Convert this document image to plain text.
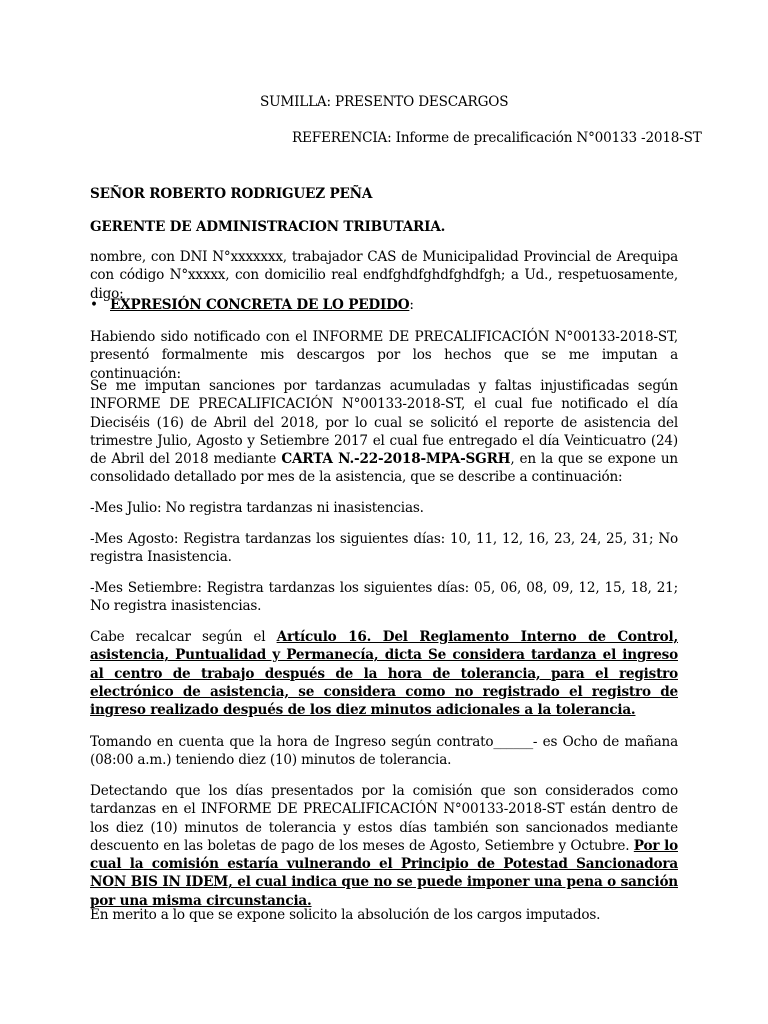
SUMILLA: PRESENTO DESCARGOS
REFERENCIA: Informe de precalificación N°00133 -2018-ST
SEÑOR ROBERTO RODRIGUEZ PEÑA
GERENTE DE ADMINISTRACION TRIBUTARIA.
nombre, con DNI N°xxxxxxx, trabajador CAS de Municipalidad Provincial de Arequipa con código N°xxxxx, con domicilio real endfghdfghdfghdfgh; a Ud., respetuosamente, digo:
• EXPRESIÓN CONCRETA DE LO PEDIDO:
Habiendo sido notificado con el INFORME DE PRECALIFICACIÓN N°00133-2018-ST, presentó formalmente mis descargos por los hechos que se me imputan a continuación:
Se me imputan sanciones por tardanzas acumuladas y faltas injustificadas según INFORME DE PRECALIFICACIÓN N°00133-2018-ST, el cual fue notificado el día Dieciséis (16) de Abril del 2018, por lo cual se solicitó el reporte de asistencia del trimestre Julio, Agosto y Setiembre 2017 el cual fue entregado el día Veinticuatro (24) de Abril del 2018 mediante CARTA N.-22-2018-MPA-SGRH, en la que se expone un consolidado detallado por mes de la asistencia, que se describe a continuación:
-Mes Julio: No registra tardanzas ni inasistencias.
-Mes Agosto: Registra tardanzas los siguientes días: 10, 11, 12, 16, 23, 24, 25, 31; No registra Inasistencia.
-Mes Setiembre: Registra tardanzas los siguientes días: 05, 06, 08, 09, 12, 15, 18, 21; No registra inasistencias.
Cabe recalcar según el Artículo 16. Del Reglamento Interno de Control, asistencia, Puntualidad y Permanecía, dicta Se considera tardanza el ingreso al centro de trabajo después de la hora de tolerancia, para el registro electrónico de asistencia, se considera como no registrado el registro de ingreso realizado después de los diez minutos adicionales a la tolerancia.
Tomando en cuenta que la hora de Ingreso según contrato______- es Ocho de mañana (08:00 a.m.) teniendo diez (10) minutos de tolerancia.
Detectando que los días presentados por la comisión que son considerados como tardanzas en el INFORME DE PRECALIFICACIÓN N°00133-2018-ST están dentro de los diez (10) minutos de tolerancia y estos días también son sancionados mediante descuento en las boletas de pago de los meses de Agosto, Setiembre y Octubre. Por lo cual la comisión estaría vulnerando el Principio de Potestad Sancionadora NON BIS IN IDEM, el cual indica que no se puede imponer una pena o sanción por una misma circunstancia.
En merito a lo que se expone solicito la absolución de los cargos imputados.
